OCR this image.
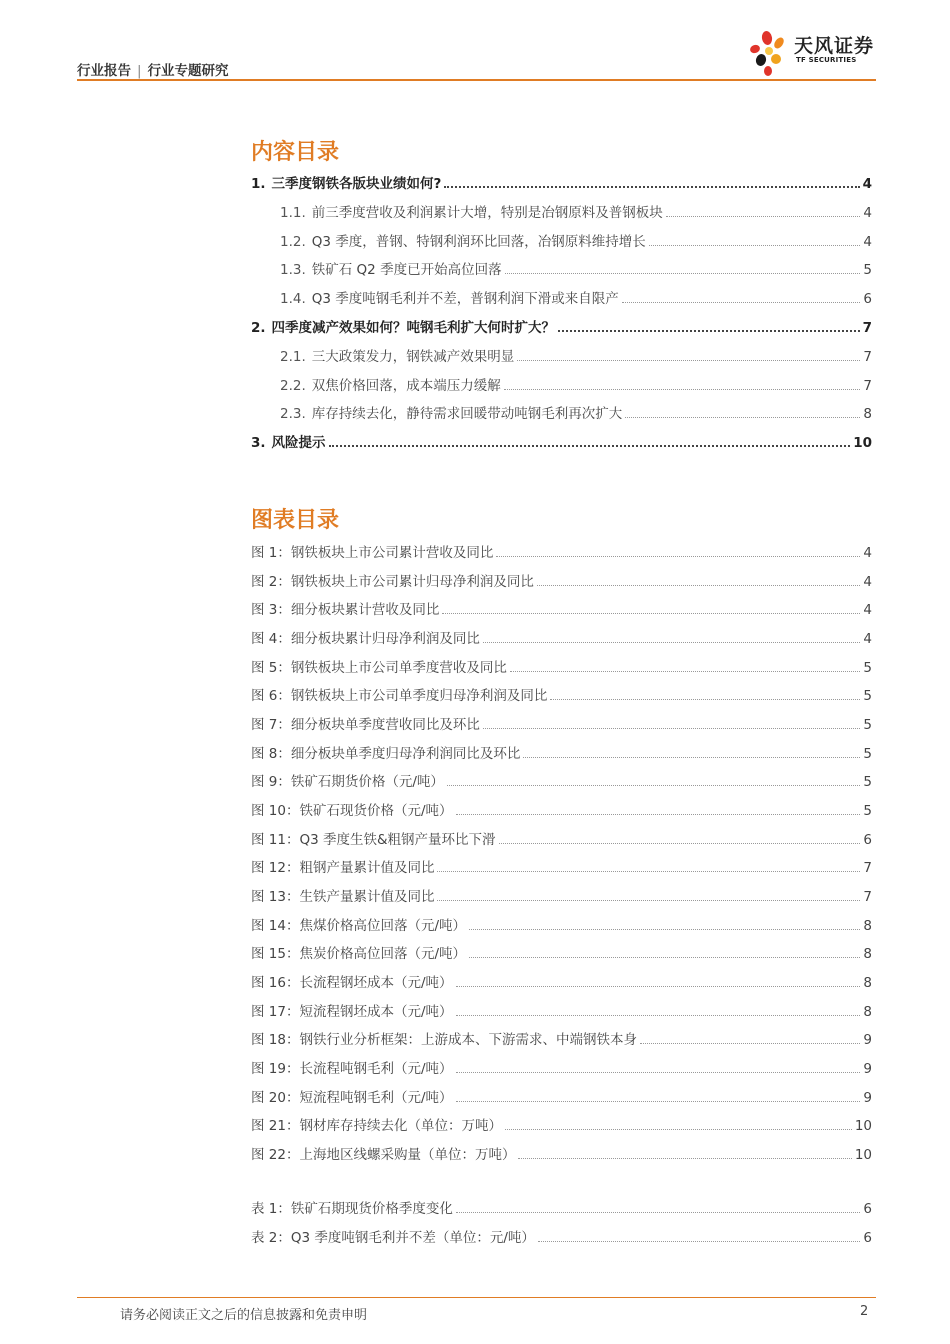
行业报告 | 行业专题研究
天风证券
TF SECURITIES
内容目录
1. 三季度钢铁各版块业绩如何?	4
1.1. 前三季度营收及利润累计大增，特别是冶钢原料及普钢板块	4
1.2. Q3 季度，普钢、特钢利润环比回落，冶钢原料维持增长	4
1.3. 铁矿石 Q2 季度已开始高位回落	5
1.4. Q3 季度吨钢毛利并不差，普钢利润下滑或来自限产	6
2. 四季度减产效果如何？吨钢毛利扩大何时扩大？	7
2.1. 三大政策发力，钢铁减产效果明显	7
2.2. 双焦价格回落，成本端压力缓解	7
2.3. 库存持续去化，静待需求回暖带动吨钢毛利再次扩大	8
3. 风险提示	10
图表目录
图 1：钢铁板块上市公司累计营收及同比	4
图 2：钢铁板块上市公司累计归母净利润及同比	4
图 3：细分板块累计营收及同比	4
图 4：细分板块累计归母净利润及同比	4
图 5：钢铁板块上市公司单季度营收及同比	5
图 6：钢铁板块上市公司单季度归母净利润及同比	5
图 7：细分板块单季度营收同比及环比	5
图 8：细分板块单季度归母净利润同比及环比	5
图 9：铁矿石期货价格（元/吨）	5
图 10：铁矿石现货价格（元/吨）	5
图 11：Q3 季度生铁&粗钢产量环比下滑	6
图 12：粗钢产量累计值及同比	7
图 13：生铁产量累计值及同比	7
图 14：焦煤价格高位回落（元/吨）	8
图 15：焦炭价格高位回落（元/吨）	8
图 16：长流程钢坯成本（元/吨）	8
图 17：短流程钢坯成本（元/吨）	8
图 18：钢铁行业分析框架：上游成本、下游需求、中端钢铁本身	9
图 19：长流程吨钢毛利（元/吨）	9
图 20：短流程吨钢毛利（元/吨）	9
图 21：钢材库存持续去化（单位：万吨）	10
图 22：上海地区线螺采购量（单位：万吨）	10
表 1：铁矿石期现货价格季度变化	6
表 2：Q3 季度吨钢毛利并不差（单位：元/吨）	6
请务必阅读正文之后的信息披露和免责申明	2
